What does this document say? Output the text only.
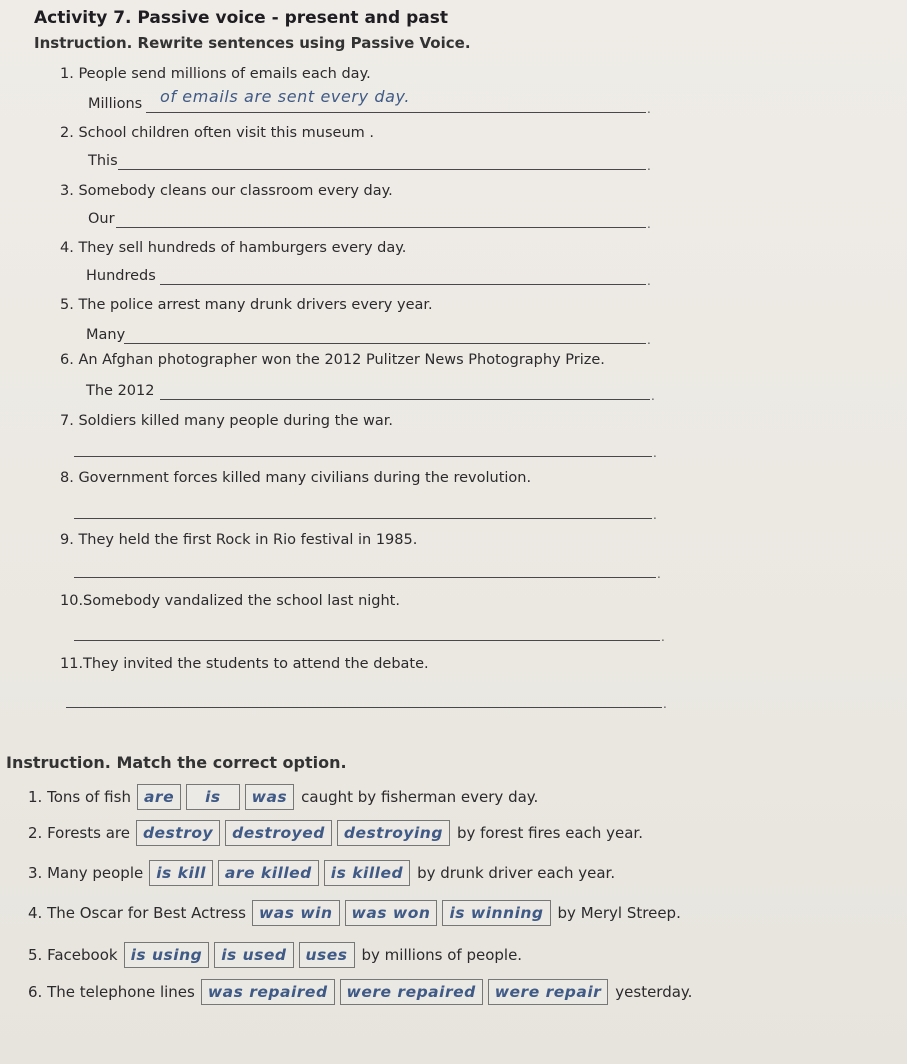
Activity 7. Passive voice - present and past
Instruction. Rewrite sentences using Passive Voice.
1. People send millions of emails each day.
Millions of emails are sent every day.
.
2. School children often visit this museum .
This	.
3. Somebody cleans our classroom every day.
Our	.
4. They sell hundreds of hamburgers every day.
Hundreds	.
5. The police arrest many drunk drivers every year.
Many	.
6. An Afghan photographer won the 2012 Pulitzer News Photography Prize.
The 2012	.
7. Soldiers killed many people during the war.
.
8. Government forces killed many civilians during the revolution.
.
9. They held the first Rock in Rio festival in 1985.
.
10.Somebody vandalized the school last night.
.
11.They invited the students to attend the debate.
.
Instruction. Match the correct option.
1. Tons of fish are	is	was caught by fisherman every day.
2. Forests are destroy	destroyed	destroying by forest fires each year.
3. Many people is kill	are killed	is killed by drunk driver each year.
4. The Oscar for Best Actress was win	was won	is winning by Meryl Streep.
5. Facebook is using	is used	uses by millions of people.
6. The telephone lines was repaired	were repaired	were repair yesterday.
